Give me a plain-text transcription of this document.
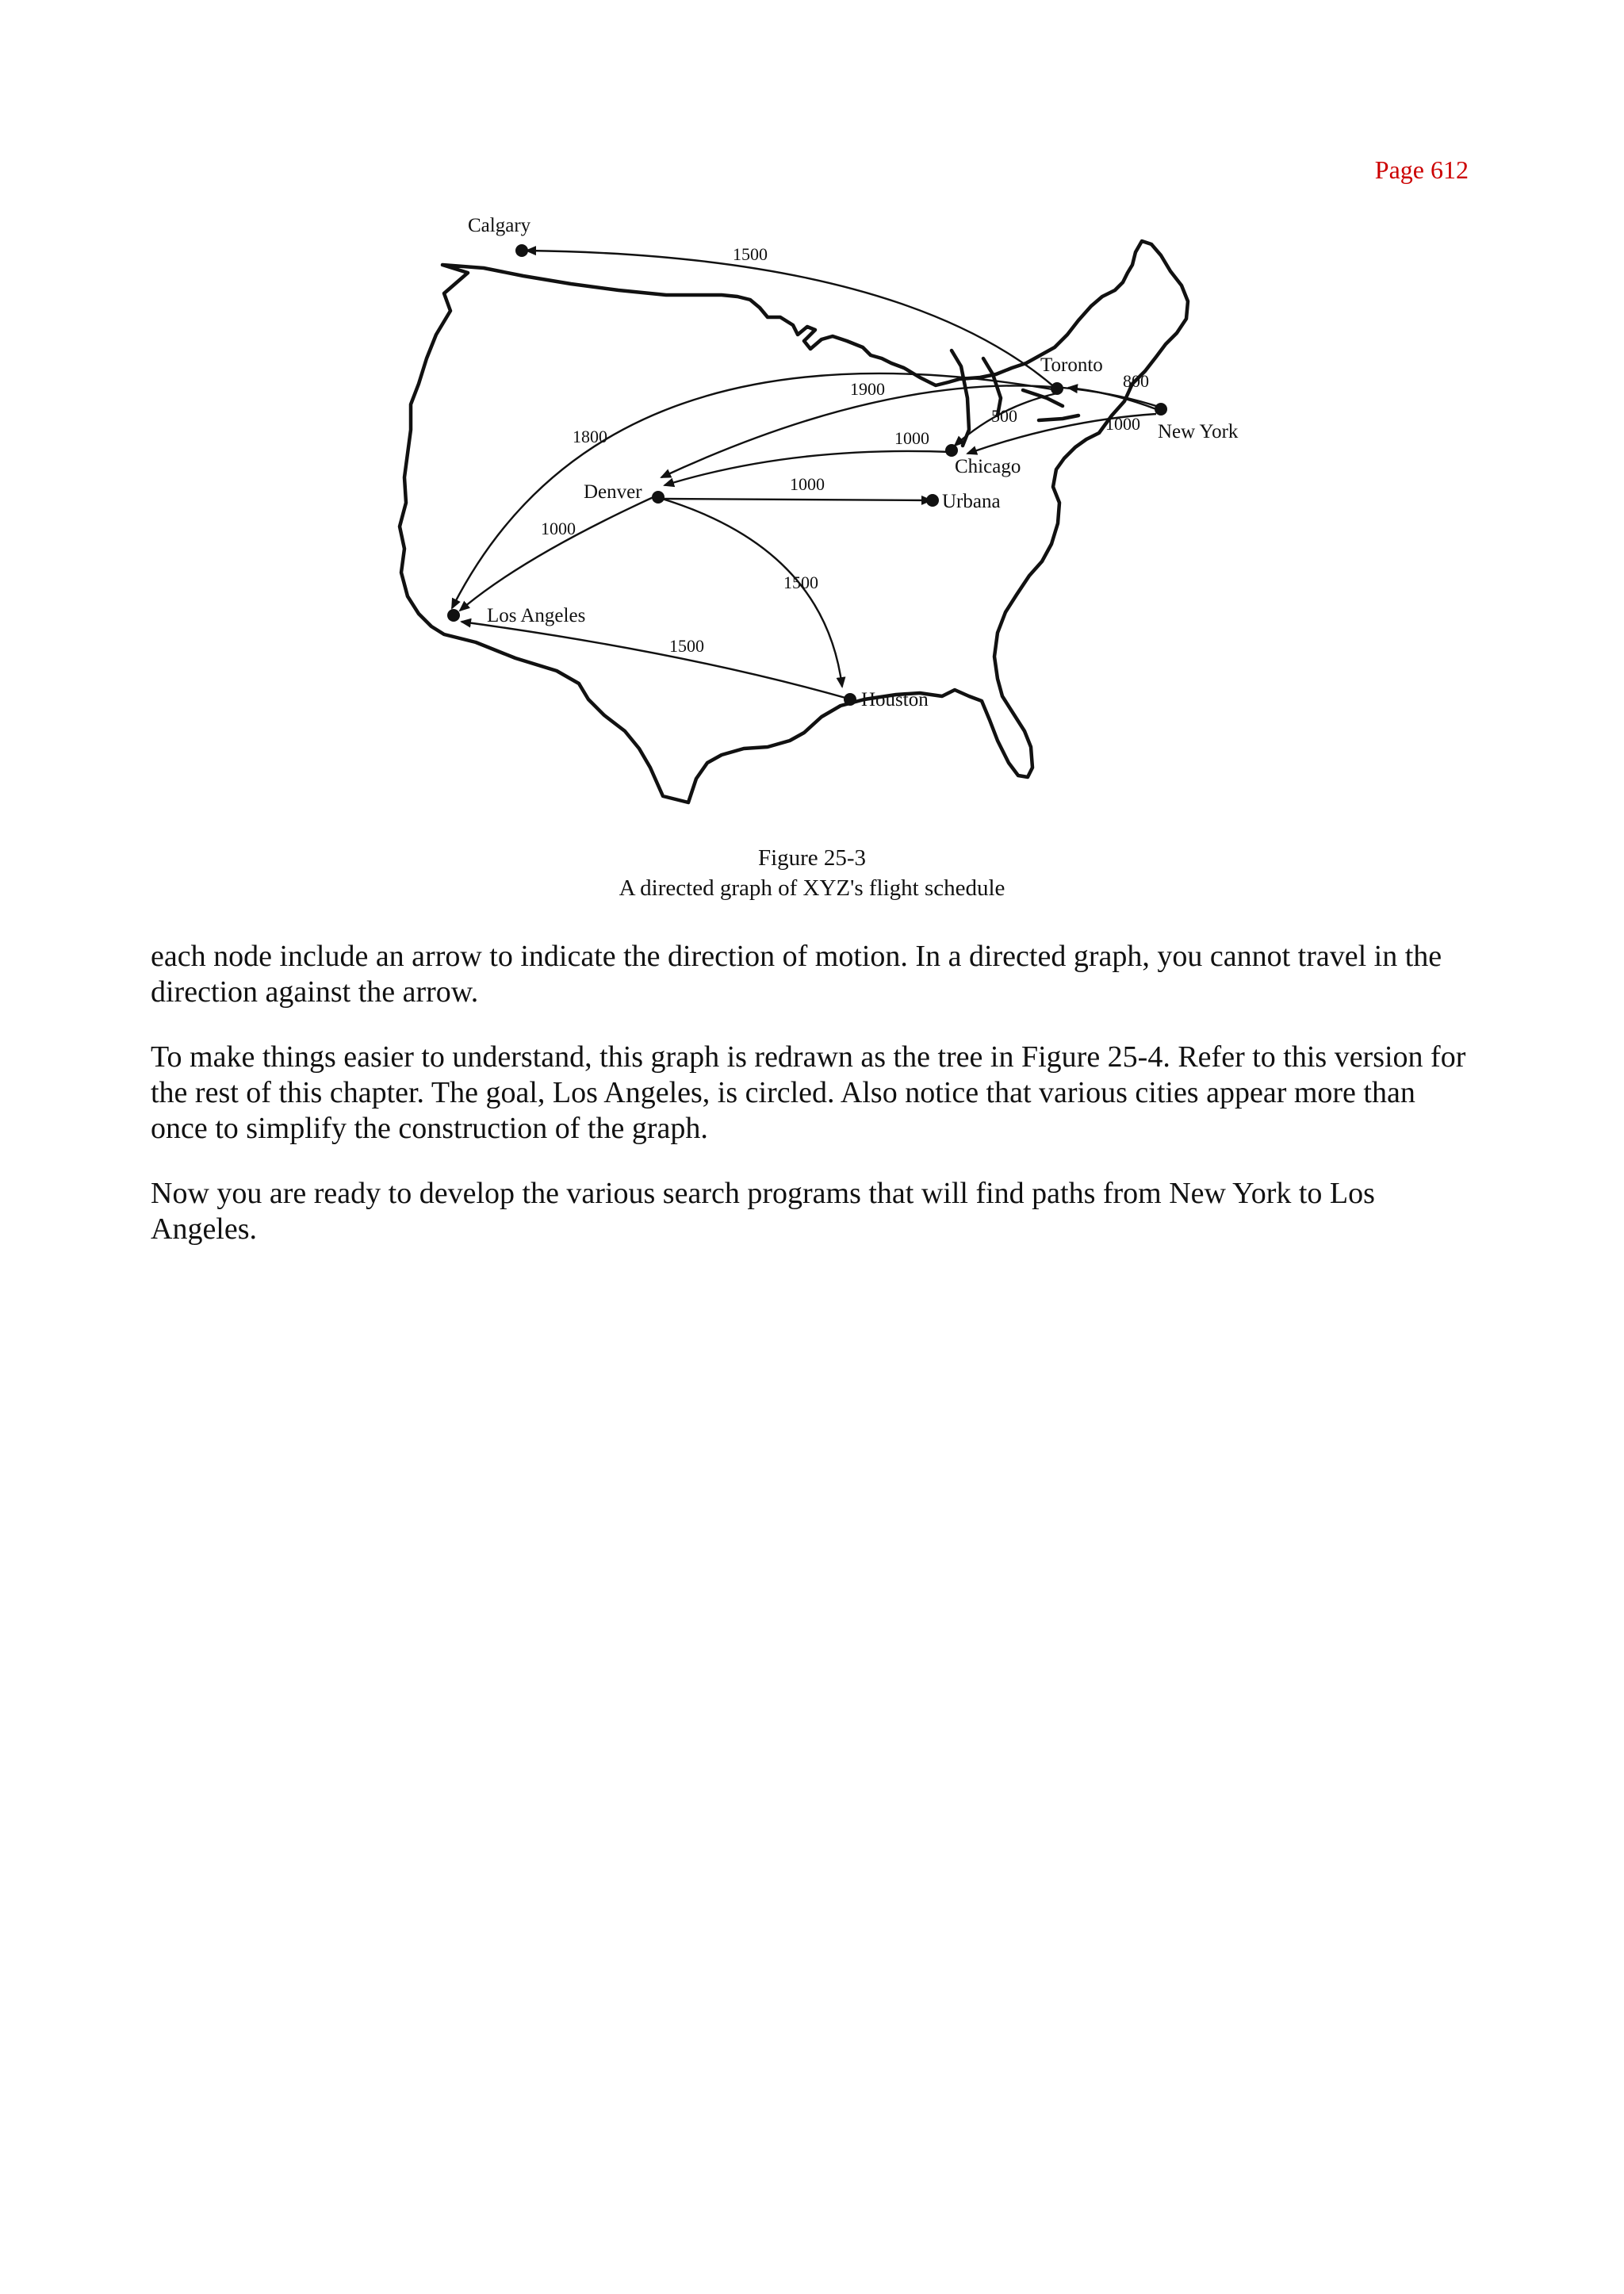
Page 612
Calgary
Toronto
New York
Chicago
Denver	Urbana
Los Angeles
Houston
1500
800
1000
1900
1800
500
1000
1000
1500
1000
1500
Figure 25-3
A directed graph of XYZ's flight schedule

each node include an arrow to indicate the direction of motion. In a directed graph, you cannot travel in the direction against the arrow.

To make things easier to understand, this graph is redrawn as the tree in Figure 25-4. Refer to this version for the rest of this chapter. The goal, Los Angeles, is circled. Also notice that various cities appear more than once to simplify the construction of the graph.

Now you are ready to develop the various search programs that will find paths from New York to Los Angeles.
